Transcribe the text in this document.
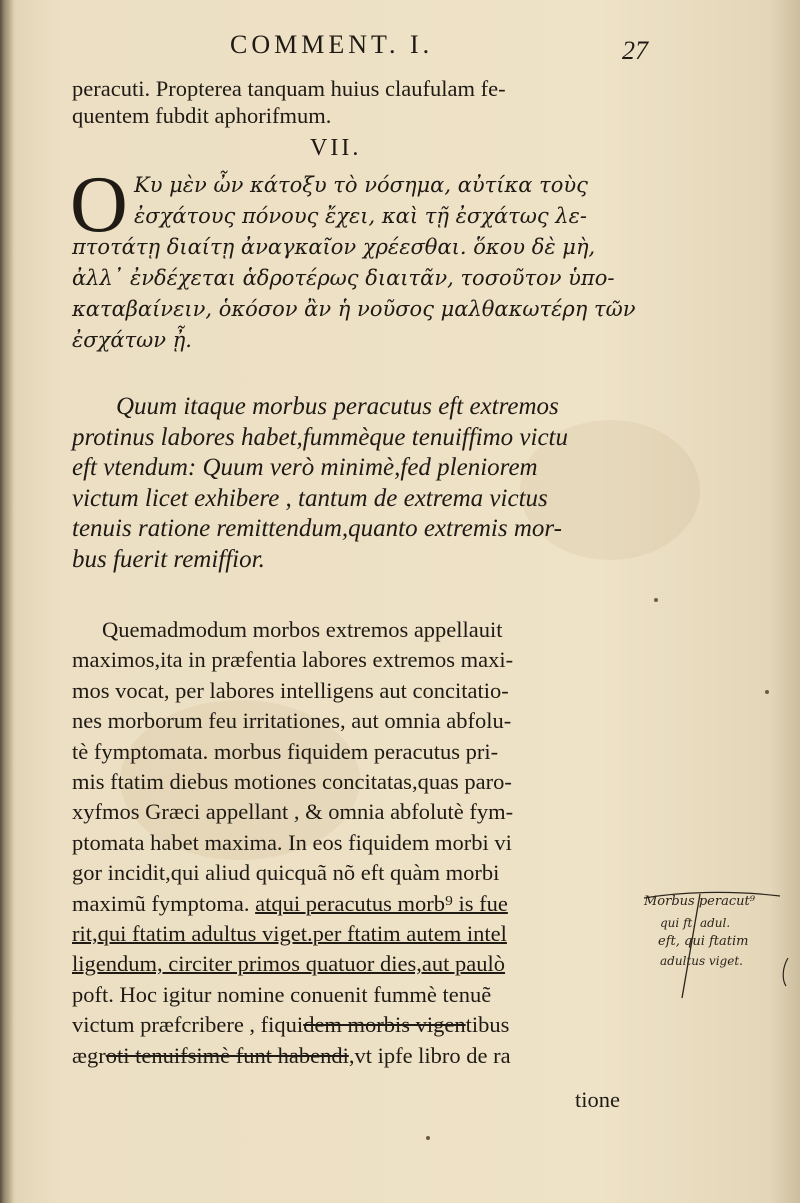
COMMENT. I.	27
peracuti. Propterea tanquam huius claufulam fe-
quentem fubdit aphorifmum.
VII.
O Κυ μὲν ὦν κάτοξυ τὸ νόσημα, αὐτίκα τοὺς
ἐσχάτους πόνους ἔχει, καὶ τῇ ἐσχάτως λε-
πτοτάτῃ διαίτῃ ἀναγκαῖον χρέεσθαι. ὅκου δὲ μὴ,
ἀλλ᾽ ἐνδέχεται ἁδροτέρως διαιτᾶν, τοσοῦτον ὑπο-
καταβαίνειν, ὁκόσον ἂν ἡ νοῦσος μαλθακωτέρη τῶν
ἐσχάτων ᾖ.
Quum itaque morbus peracutus eft extremos
protinus labores habet,fummèque tenuiffimo victu
eft vtendum: Quum verò minimè,fed pleniorem
victum licet exhibere , tantum de extrema victus
tenuis ratione remittendum,quanto extremis mor-
bus fuerit remiffior.
Quemadmodum morbos extremos appellauit
maximos,ita in præfentia labores extremos maxi-
mos vocat, per labores intelligens aut concitatio-
nes morborum feu irritationes, aut omnia abfolu-
tè fymptomata. morbus fiquidem peracutus pri-
mis ftatim diebus motiones concitatas,quas paro-
xyfmos Græci appellant , & omnia abfolutè fym-
ptomata habet maxima. In eos fiquidem morbi vi
gor incidit,qui aliud quicquã nõ eft quàm morbi
maximũ fymptoma. atqui peracutus morb⁹ is fue
rit,qui ftatim adultus viget.per ftatim autem intel
ligendum, circiter primos quatuor dies,aut paulò
poft. Hoc igitur nomine conuenit fummè tenuẽ
victum præfcribere , fiquidem morbis vigentibus
ægroti tenuifsimè funt habendi,vt ipfe libro de ra
tione
Morbus peracut⁹
qui ft. adul.
eft, qui ftatim
adultus viget.
